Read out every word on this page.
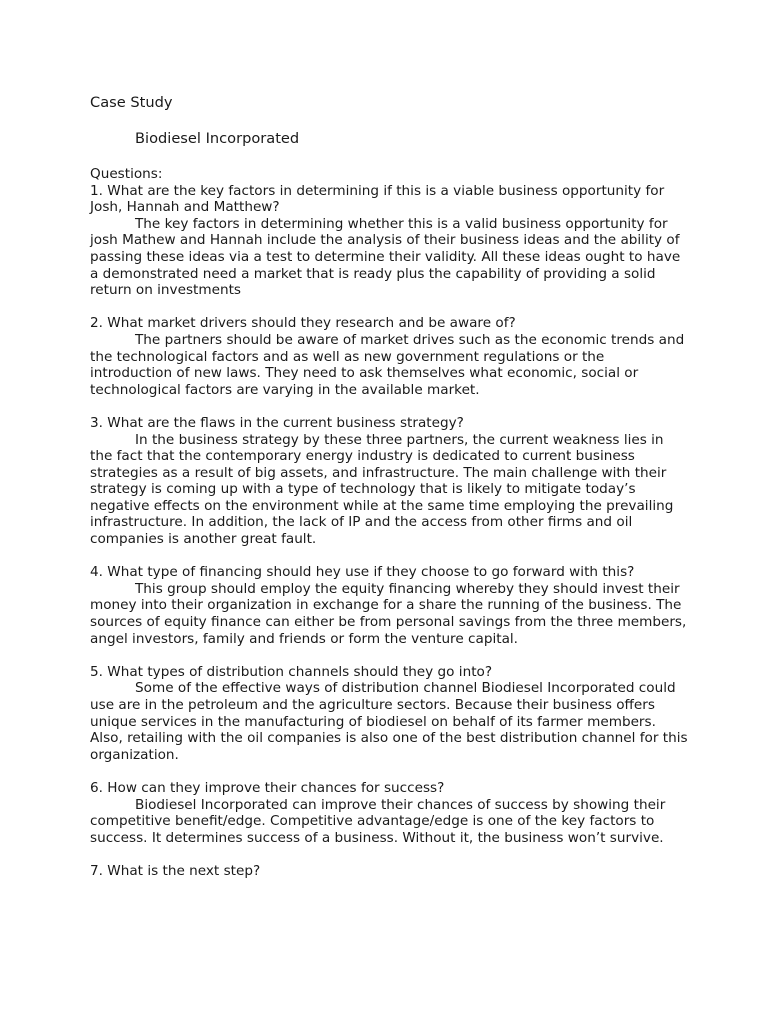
Case Study

Biodiesel Incorporated

Questions:

1. What are the key factors in determining if this is a viable business opportunity for Josh, Hannah and Matthew?

The key factors in determining whether this is a valid business opportunity for josh Mathew and Hannah include the analysis of their business ideas and the ability of passing these ideas via a test to determine their validity. All these ideas ought to have a demonstrated need a market that is ready plus the capability of providing a solid return on investments

2. What market drivers should they research and be aware of?

The partners should be aware of market drives such as the economic trends and the technological factors and as well as new government regulations or the introduction of new laws. They need to ask themselves what economic, social or technological factors are varying in the available market.

3. What are the flaws in the current business strategy?

In the business strategy by these three partners, the current weakness lies in the fact that the contemporary energy industry is dedicated to current business strategies as a result of big assets, and infrastructure. The main challenge with their strategy is coming up with a type of technology that is likely to mitigate today’s negative effects on the environment while at the same time employing the prevailing infrastructure. In addition, the lack of IP and the access from other firms and oil companies is another great fault.

4. What type of financing should hey use if they choose to go forward with this?

This group should employ the equity financing whereby they should invest their money into their organization in exchange for a share the running of the business. The sources of equity finance can either be from personal savings from the three members, angel investors, family and friends or form the venture capital.

5. What types of distribution channels should they go into?

Some of the effective ways of distribution channel Biodiesel Incorporated could use are in the petroleum and the agriculture sectors. Because their business offers unique services in the manufacturing of biodiesel on behalf of its farmer members. Also, retailing with the oil companies is also one of the best distribution channel for this organization.

6. How can they improve their chances for success?

Biodiesel Incorporated can improve their chances of success by showing their competitive benefit/edge. Competitive advantage/edge is one of the key factors to success. It determines success of a business. Without it, the business won’t survive.

7. What is the next step?
